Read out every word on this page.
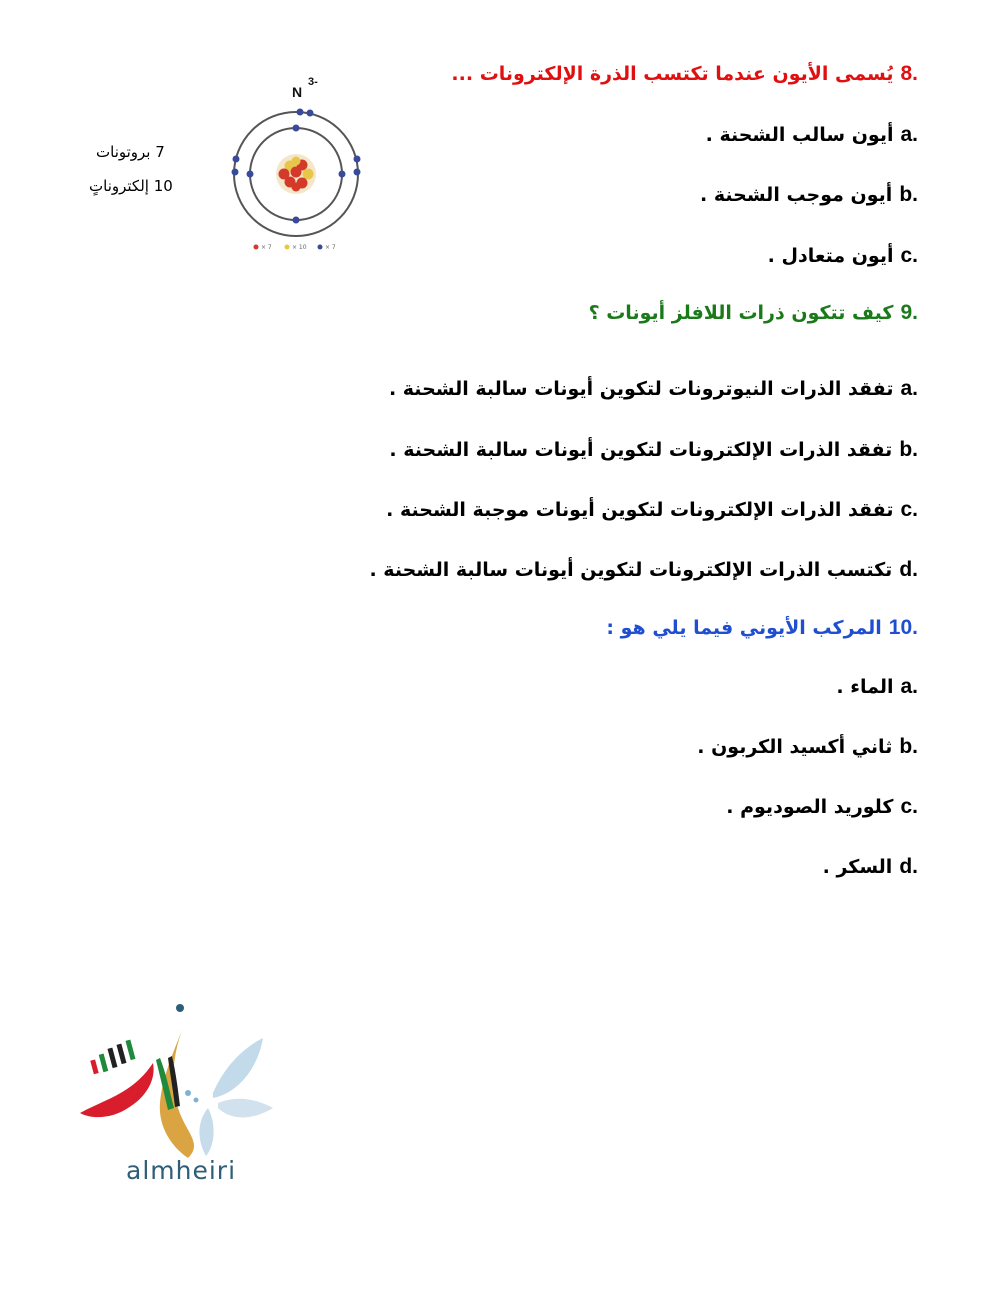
8.
يُسمى الأيون عندما تكتسب الذرة الإلكترونات ...
a.
أيون سالب الشحنة .
b.
أيون موجب الشحنة .
c.
أيون متعادل .
9.
كيف تتكون ذرات اللافلز أيونات ؟
a.
تفقد الذرات النيوترونات لتكوين أيونات سالبة الشحنة .
b.
تفقد الذرات الإلكترونات لتكوين أيونات سالبة الشحنة .
c.
تفقد الذرات الإلكترونات لتكوين أيونات موجبة الشحنة .
d.
تكتسب الذرات الإلكترونات لتكوين أيونات سالبة الشحنة .
10.
المركب الأيوني فيما يلي هو :
a.
الماء .
b.
ثاني أكسيد الكربون .
c.
كلوريد الصوديوم .
d.
السكر .
7 بروتونات
10 إلكتروناتٍ
N
3-
× 7	× 10	× 7
almheiri
